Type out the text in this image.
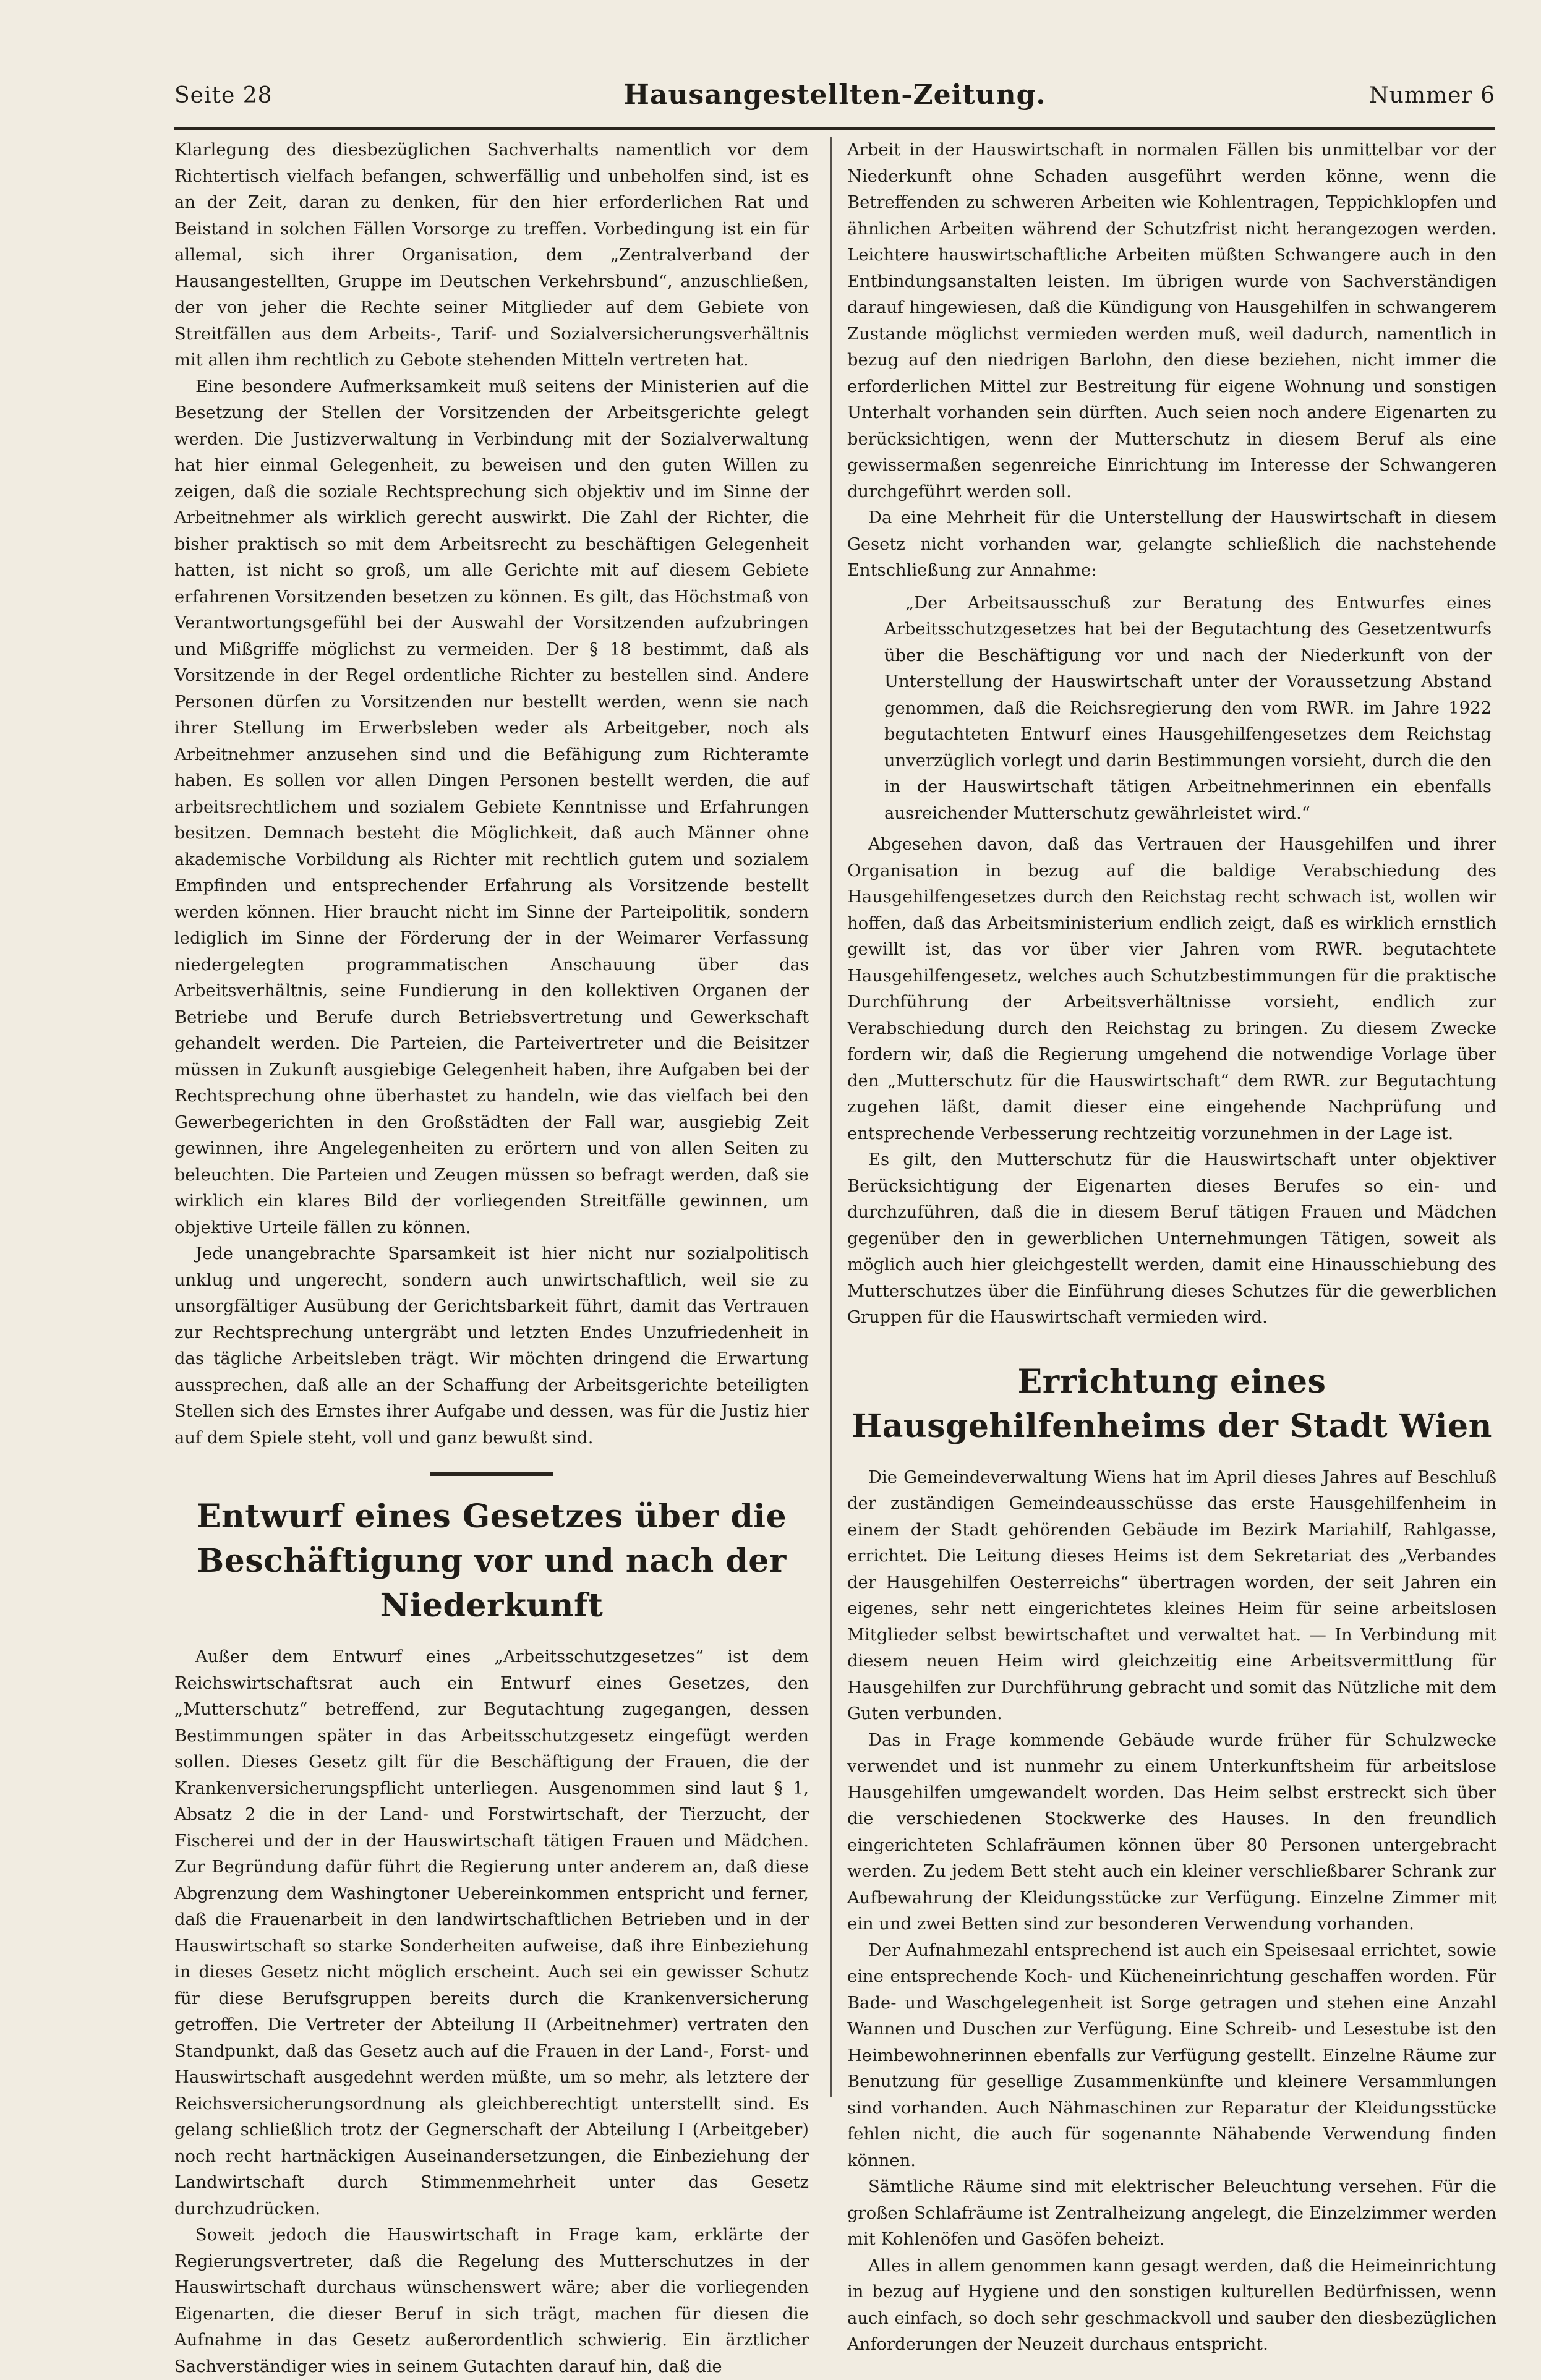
Seite 28	Hausangestellten-Zeitung.	Nummer 6

Klarlegung des diesbezüglichen Sachverhalts namentlich vor dem Richtertisch vielfach befangen, schwerfällig und unbeholfen sind, ist es an der Zeit, daran zu denken, für den hier erforderlichen Rat und Beistand in solchen Fällen Vorsorge zu treffen. Vorbedingung ist ein für allemal, sich ihrer Organisation, dem „Zentralverband der Hausangestellten, Gruppe im Deutschen Verkehrsbund“, anzuschließen, der von jeher die Rechte seiner Mitglieder auf dem Gebiete von Streitfällen aus dem Arbeits-, Tarif- und Sozialversicherungsverhältnis mit allen ihm rechtlich zu Gebote stehenden Mitteln vertreten hat.

Eine besondere Aufmerksamkeit muß seitens der Ministerien auf die Besetzung der Stellen der Vorsitzenden der Arbeitsgerichte gelegt werden. Die Justizverwaltung in Verbindung mit der Sozialverwaltung hat hier einmal Gelegenheit, zu beweisen und den guten Willen zu zeigen, daß die soziale Rechtsprechung sich objektiv und im Sinne der Arbeitnehmer als wirklich gerecht auswirkt. Die Zahl der Richter, die bisher praktisch so mit dem Arbeitsrecht zu beschäftigen Gelegenheit hatten, ist nicht so groß, um alle Gerichte mit auf diesem Gebiete erfahrenen Vorsitzenden besetzen zu können. Es gilt, das Höchstmaß von Verantwortungsgefühl bei der Auswahl der Vorsitzenden aufzubringen und Mißgriffe möglichst zu vermeiden. Der § 18 bestimmt, daß als Vorsitzende in der Regel ordentliche Richter zu bestellen sind. Andere Personen dürfen zu Vorsitzenden nur bestellt werden, wenn sie nach ihrer Stellung im Erwerbsleben weder als Arbeitgeber, noch als Arbeitnehmer anzusehen sind und die Befähigung zum Richteramte haben. Es sollen vor allen Dingen Personen bestellt werden, die auf arbeitsrechtlichem und sozialem Gebiete Kenntnisse und Erfahrungen besitzen. Demnach besteht die Möglichkeit, daß auch Männer ohne akademische Vorbildung als Richter mit rechtlich gutem und sozialem Empfinden und entsprechender Erfahrung als Vorsitzende bestellt werden können. Hier braucht nicht im Sinne der Parteipolitik, sondern lediglich im Sinne der Förderung der in der Weimarer Verfassung niedergelegten programmatischen Anschauung über das Arbeitsverhältnis, seine Fundierung in den kollektiven Organen der Betriebe und Berufe durch Betriebsvertretung und Gewerkschaft gehandelt werden. Die Parteien, die Parteivertreter und die Beisitzer müssen in Zukunft ausgiebige Gelegenheit haben, ihre Aufgaben bei der Rechtsprechung ohne überhastet zu handeln, wie das vielfach bei den Gewerbegerichten in den Großstädten der Fall war, ausgiebig Zeit gewinnen, ihre Angelegenheiten zu erörtern und von allen Seiten zu beleuchten. Die Parteien und Zeugen müssen so befragt werden, daß sie wirklich ein klares Bild der vorliegenden Streitfälle gewinnen, um objektive Urteile fällen zu können.

Jede unangebrachte Sparsamkeit ist hier nicht nur sozialpolitisch unklug und ungerecht, sondern auch unwirtschaftlich, weil sie zu unsorgfältiger Ausübung der Gerichtsbarkeit führt, damit das Vertrauen zur Rechtsprechung untergräbt und letzten Endes Unzufriedenheit in das tägliche Arbeitsleben trägt. Wir möchten dringend die Erwartung aussprechen, daß alle an der Schaffung der Arbeitsgerichte beteiligten Stellen sich des Ernstes ihrer Aufgabe und dessen, was für die Justiz hier auf dem Spiele steht, voll und ganz bewußt sind.

Entwurf eines Gesetzes über die Beschäftigung vor und nach der Niederkunft

Außer dem Entwurf eines „Arbeitsschutzgesetzes“ ist dem Reichswirtschaftsrat auch ein Entwurf eines Gesetzes, den „Mutterschutz“ betreffend, zur Begutachtung zugegangen, dessen Bestimmungen später in das Arbeitsschutzgesetz eingefügt werden sollen. Dieses Gesetz gilt für die Beschäftigung der Frauen, die der Krankenversicherungspflicht unterliegen. Ausgenommen sind laut § 1, Absatz 2 die in der Land- und Forstwirtschaft, der Tierzucht, der Fischerei und der in der Hauswirtschaft tätigen Frauen und Mädchen. Zur Begründung dafür führt die Regierung unter anderem an, daß diese Abgrenzung dem Washingtoner Uebereinkommen entspricht und ferner, daß die Frauenarbeit in den landwirtschaftlichen Betrieben und in der Hauswirtschaft so starke Sonderheiten aufweise, daß ihre Einbeziehung in dieses Gesetz nicht möglich erscheint. Auch sei ein gewisser Schutz für diese Berufsgruppen bereits durch die Krankenversicherung getroffen. Die Vertreter der Abteilung II (Arbeitnehmer) vertraten den Standpunkt, daß das Gesetz auch auf die Frauen in der Land-, Forst- und Hauswirtschaft ausgedehnt werden müßte, um so mehr, als letztere der Reichsversicherungsordnung als gleichberechtigt unterstellt sind. Es gelang schließlich trotz der Gegnerschaft der Abteilung I (Arbeitgeber) noch recht hartnäckigen Auseinandersetzungen, die Einbeziehung der Landwirtschaft durch Stimmenmehrheit unter das Gesetz durchzudrücken.

Soweit jedoch die Hauswirtschaft in Frage kam, erklärte der Regierungsvertreter, daß die Regelung des Mutterschutzes in der Hauswirtschaft durchaus wünschenswert wäre; aber die vorliegenden Eigenarten, die dieser Beruf in sich trägt, machen für diesen die Aufnahme in das Gesetz außerordentlich schwierig. Ein ärztlicher Sachverständiger wies in seinem Gutachten darauf hin, daß die

Arbeit in der Hauswirtschaft in normalen Fällen bis unmittelbar vor der Niederkunft ohne Schaden ausgeführt werden könne, wenn die Betreffenden zu schweren Arbeiten wie Kohlentragen, Teppichklopfen und ähnlichen Arbeiten während der Schutzfrist nicht herangezogen werden. Leichtere hauswirtschaftliche Arbeiten müßten Schwangere auch in den Entbindungsanstalten leisten. Im übrigen wurde von Sachverständigen darauf hingewiesen, daß die Kündigung von Hausgehilfen in schwangerem Zustande möglichst vermieden werden muß, weil dadurch, namentlich in bezug auf den niedrigen Barlohn, den diese beziehen, nicht immer die erforderlichen Mittel zur Bestreitung für eigene Wohnung und sonstigen Unterhalt vorhanden sein dürften. Auch seien noch andere Eigenarten zu berücksichtigen, wenn der Mutterschutz in diesem Beruf als eine gewissermaßen segenreiche Einrichtung im Interesse der Schwangeren durchgeführt werden soll.

Da eine Mehrheit für die Unterstellung der Hauswirtschaft in diesem Gesetz nicht vorhanden war, gelangte schließlich die nachstehende Entschließung zur Annahme:

„Der Arbeitsausschuß zur Beratung des Entwurfes eines Arbeitsschutzgesetzes hat bei der Begutachtung des Gesetzentwurfs über die Beschäftigung vor und nach der Niederkunft von der Unterstellung der Hauswirtschaft unter der Voraussetzung Abstand genommen, daß die Reichsregierung den vom RWR. im Jahre 1922 begutachteten Entwurf eines Hausgehilfengesetzes dem Reichstag unverzüglich vorlegt und darin Bestimmungen vorsieht, durch die den in der Hauswirtschaft tätigen Arbeitnehmerinnen ein ebenfalls ausreichender Mutterschutz gewährleistet wird.“

Abgesehen davon, daß das Vertrauen der Hausgehilfen und ihrer Organisation in bezug auf die baldige Verabschiedung des Hausgehilfengesetzes durch den Reichstag recht schwach ist, wollen wir hoffen, daß das Arbeitsministerium endlich zeigt, daß es wirklich ernstlich gewillt ist, das vor über vier Jahren vom RWR. begutachtete Hausgehilfengesetz, welches auch Schutzbestimmungen für die praktische Durchführung der Arbeitsverhältnisse vorsieht, endlich zur Verabschiedung durch den Reichstag zu bringen. Zu diesem Zwecke fordern wir, daß die Regierung umgehend die notwendige Vorlage über den „Mutterschutz für die Hauswirtschaft“ dem RWR. zur Begutachtung zugehen läßt, damit dieser eine eingehende Nachprüfung und entsprechende Verbesserung rechtzeitig vorzunehmen in der Lage ist.

Es gilt, den Mutterschutz für die Hauswirtschaft unter objektiver Berücksichtigung der Eigenarten dieses Berufes so ein- und durchzuführen, daß die in diesem Beruf tätigen Frauen und Mädchen gegenüber den in gewerblichen Unternehmungen Tätigen, soweit als möglich auch hier gleichgestellt werden, damit eine Hinausschiebung des Mutterschutzes über die Einführung dieses Schutzes für die gewerblichen Gruppen für die Hauswirtschaft vermieden wird.

Errichtung eines Hausgehilfenheims der Stadt Wien

Die Gemeindeverwaltung Wiens hat im April dieses Jahres auf Beschluß der zuständigen Gemeindeausschüsse das erste Hausgehilfenheim in einem der Stadt gehörenden Gebäude im Bezirk Mariahilf, Rahlgasse, errichtet. Die Leitung dieses Heims ist dem Sekretariat des „Verbandes der Hausgehilfen Oesterreichs“ übertragen worden, der seit Jahren ein eigenes, sehr nett eingerichtetes kleines Heim für seine arbeitslosen Mitglieder selbst bewirtschaftet und verwaltet hat. — In Verbindung mit diesem neuen Heim wird gleichzeitig eine Arbeitsvermittlung für Hausgehilfen zur Durchführung gebracht und somit das Nützliche mit dem Guten verbunden.

Das in Frage kommende Gebäude wurde früher für Schulzwecke verwendet und ist nunmehr zu einem Unterkunftsheim für arbeitslose Hausgehilfen umgewandelt worden. Das Heim selbst erstreckt sich über die verschiedenen Stockwerke des Hauses. In den freundlich eingerichteten Schlafräumen können über 80 Personen untergebracht werden. Zu jedem Bett steht auch ein kleiner verschließbarer Schrank zur Aufbewahrung der Kleidungsstücke zur Verfügung. Einzelne Zimmer mit ein und zwei Betten sind zur besonderen Verwendung vorhanden.

Der Aufnahmezahl entsprechend ist auch ein Speisesaal errichtet, sowie eine entsprechende Koch- und Kücheneinrichtung geschaffen worden. Für Bade- und Waschgelegenheit ist Sorge getragen und stehen eine Anzahl Wannen und Duschen zur Verfügung. Eine Schreib- und Lesestube ist den Heimbewohnerinnen ebenfalls zur Verfügung gestellt. Einzelne Räume zur Benutzung für gesellige Zusammenkünfte und kleinere Versammlungen sind vorhanden. Auch Nähmaschinen zur Reparatur der Kleidungsstücke fehlen nicht, die auch für sogenannte Nähabende Verwendung finden können.

Sämtliche Räume sind mit elektrischer Beleuchtung versehen. Für die großen Schlafräume ist Zentralheizung angelegt, die Einzelzimmer werden mit Kohlenöfen und Gasöfen beheizt.

Alles in allem genommen kann gesagt werden, daß die Heimeinrichtung in bezug auf Hygiene und den sonstigen kulturellen Bedürfnissen, wenn auch einfach, so doch sehr geschmackvoll und sauber den diesbezüglichen Anforderungen der Neuzeit durchaus entspricht.
